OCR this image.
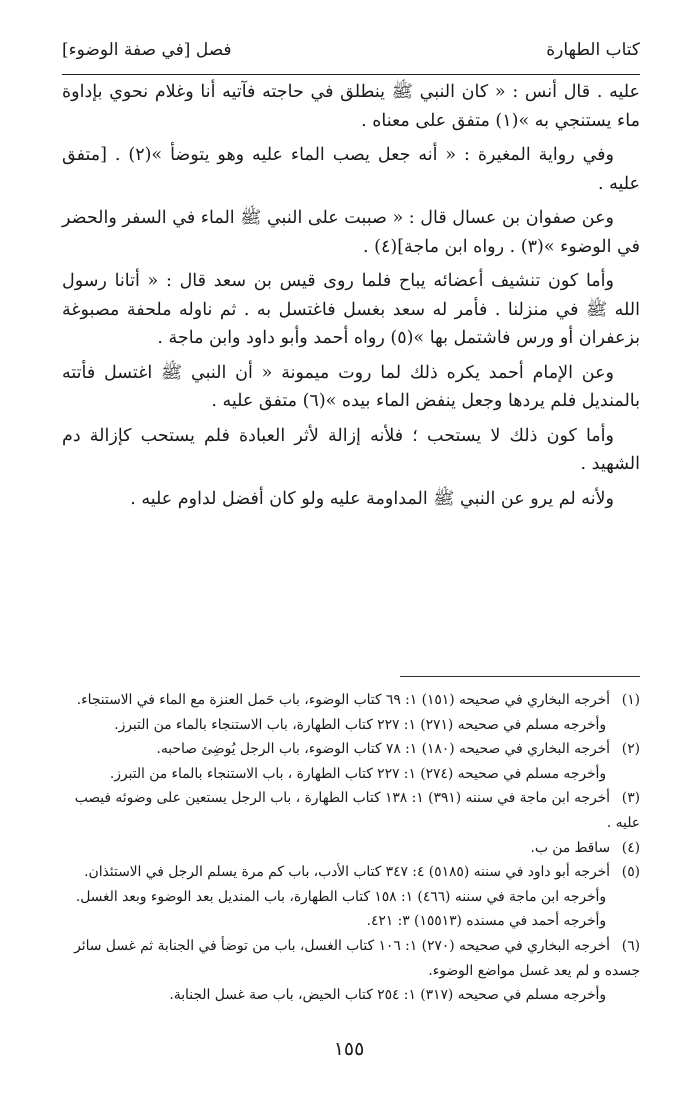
كتاب الطهارة
فصل [في صفة الوضوء]

عليه . قال أنس : « كان النبي ﷺ ينطلق في حاجته فآتيه أنا وغلام نحوي بإداوة ماء يستنجي به »(١) متفق على معناه .

وفي رواية المغيرة : « أنه جعل يصب الماء عليه وهو يتوضأ »(٢) . [متفق عليه .

وعن صفوان بن عسال قال : « صببت على النبي ﷺ الماء في السفر والحضر في الوضوء »(٣) . رواه ابن ماجة](٤) .

وأما كون تنشيف أعضائه يباح فلما روى قيس بن سعد قال : « أتانا رسول الله ﷺ في منزلنا . فأمر له سعد بغسل فاغتسل به . ثم ناوله ملحفة مصبوغة بزعفران أو ورس فاشتمل بها »(٥) رواه أحمد وأبو داود وابن ماجة .

وعن الإمام أحمد يكره ذلك لما روت ميمونة « أن النبي ﷺ اغتسل فأتته بالمنديل فلم يردها وجعل ينفض الماء بيده »(٦) متفق عليه .

وأما كون ذلك لا يستحب ؛ فلأنه إزالة لأثر العبادة فلم يستحب كإزالة دم الشهيد .

ولأنه لم يرو عن النبي ﷺ المداومة عليه ولو كان أفضل لداوم عليه .

(١)أخرجه البخاري في صحيحه (١٥١) ١: ٦٩ كتاب الوضوء، باب حَمل العنزة مع الماء في الاستنجاء.

وأخرجه مسلم في صحيحه (٢٧١) ١: ٢٢٧ كتاب الطهارة، باب الاستنجاء بالماء من التبرز.

(٢)أخرجه البخاري في صحيحه (١٨٠) ١: ٧٨ كتاب الوضوء، باب الرجل يُوضِئ صاحبه.

وأخرجه مسلم في صحيحه (٢٧٤) ١: ٢٢٧ كتاب الطهارة ، باب الاستنجاء بالماء من التبرز.

(٣)أخرجه ابن ماجة في سننه (٣٩١) ١: ١٣٨ كتاب الطهارة ، باب الرجل يستعين على وضوئه فيصب عليه .

(٤)ساقط من ب.

(٥)أخرجه أبو داود في سننه (٥١٨٥) ٤: ٣٤٧ كتاب الأدب، باب كم مرة يسلم الرجل في الاستئذان.

وأخرجه ابن ماجة في سننه (٤٦٦) ١: ١٥٨ كتاب الطهارة، باب المنديل بعد الوضوء وبعد الغسل.

وأخرجه أحمد في مسنده (١٥٥١٣) ٣: ٤٢١.

(٦)أخرجه البخاري في صحيحه (٢٧٠) ١: ١٠٦ كتاب الغسل، باب من توضأ في الجنابة ثم غسل سائر جسده و لم يعد غسل مواضع الوضوء.

وأخرجه مسلم في صحيحه (٣١٧) ١: ٢٥٤ كتاب الحيض، باب صة غسل الجنابة.

١٥٥
